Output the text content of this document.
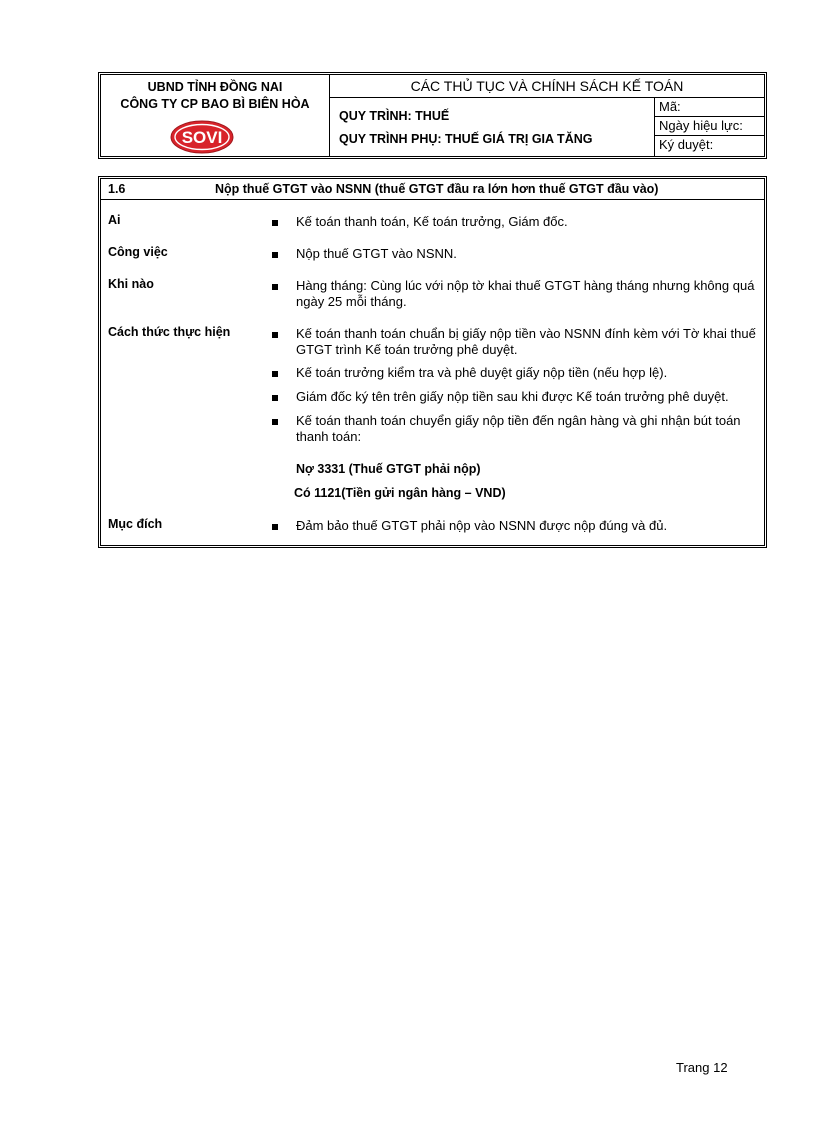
UBND TỈNH ĐỒNG NAI
CÔNG TY CP BAO BÌ BIÊN HÒA
SOVI
CÁC THỦ TỤC VÀ CHÍNH SÁCH KẾ TOÁN
QUY TRÌNH: THUẾ
QUY TRÌNH PHỤ: THUẾ GIÁ TRỊ GIA TĂNG
Mã:
Ngày hiệu lực:
Ký duyệt:
1.6	Nộp thuế GTGT vào NSNN (thuế GTGT đầu ra lớn hơn thuế GTGT đầu vào)
Ai	Kế toán thanh toán, Kế toán trưởng, Giám đốc.
Công việc	Nộp thuế GTGT vào NSNN.
Khi nào	Hàng tháng: Cùng lúc với nộp tờ khai thuế GTGT hàng tháng nhưng không quá ngày 25 mỗi tháng.
Cách thức thực hiện	Kế toán thanh toán chuẩn bị giấy nộp tiền vào NSNN đính kèm với Tờ khai thuế GTGT trình Kế toán trưởng phê duyệt.
Kế toán trưởng kiểm tra và phê duyệt giấy nộp tiền (nếu hợp lệ).
Giám đốc ký tên trên giấy nộp tiền sau khi được Kế toán trưởng phê duyệt.
Kế toán thanh toán chuyển giấy nộp tiền đến ngân hàng và ghi nhận bút toán thanh toán:
Nợ 3331 (Thuế GTGT phải nộp)
Có 1121(Tiền gửi ngân hàng – VND)
Mục đích	Đảm bảo thuế GTGT phải nộp vào NSNN được nộp đúng và đủ.
Trang 12
